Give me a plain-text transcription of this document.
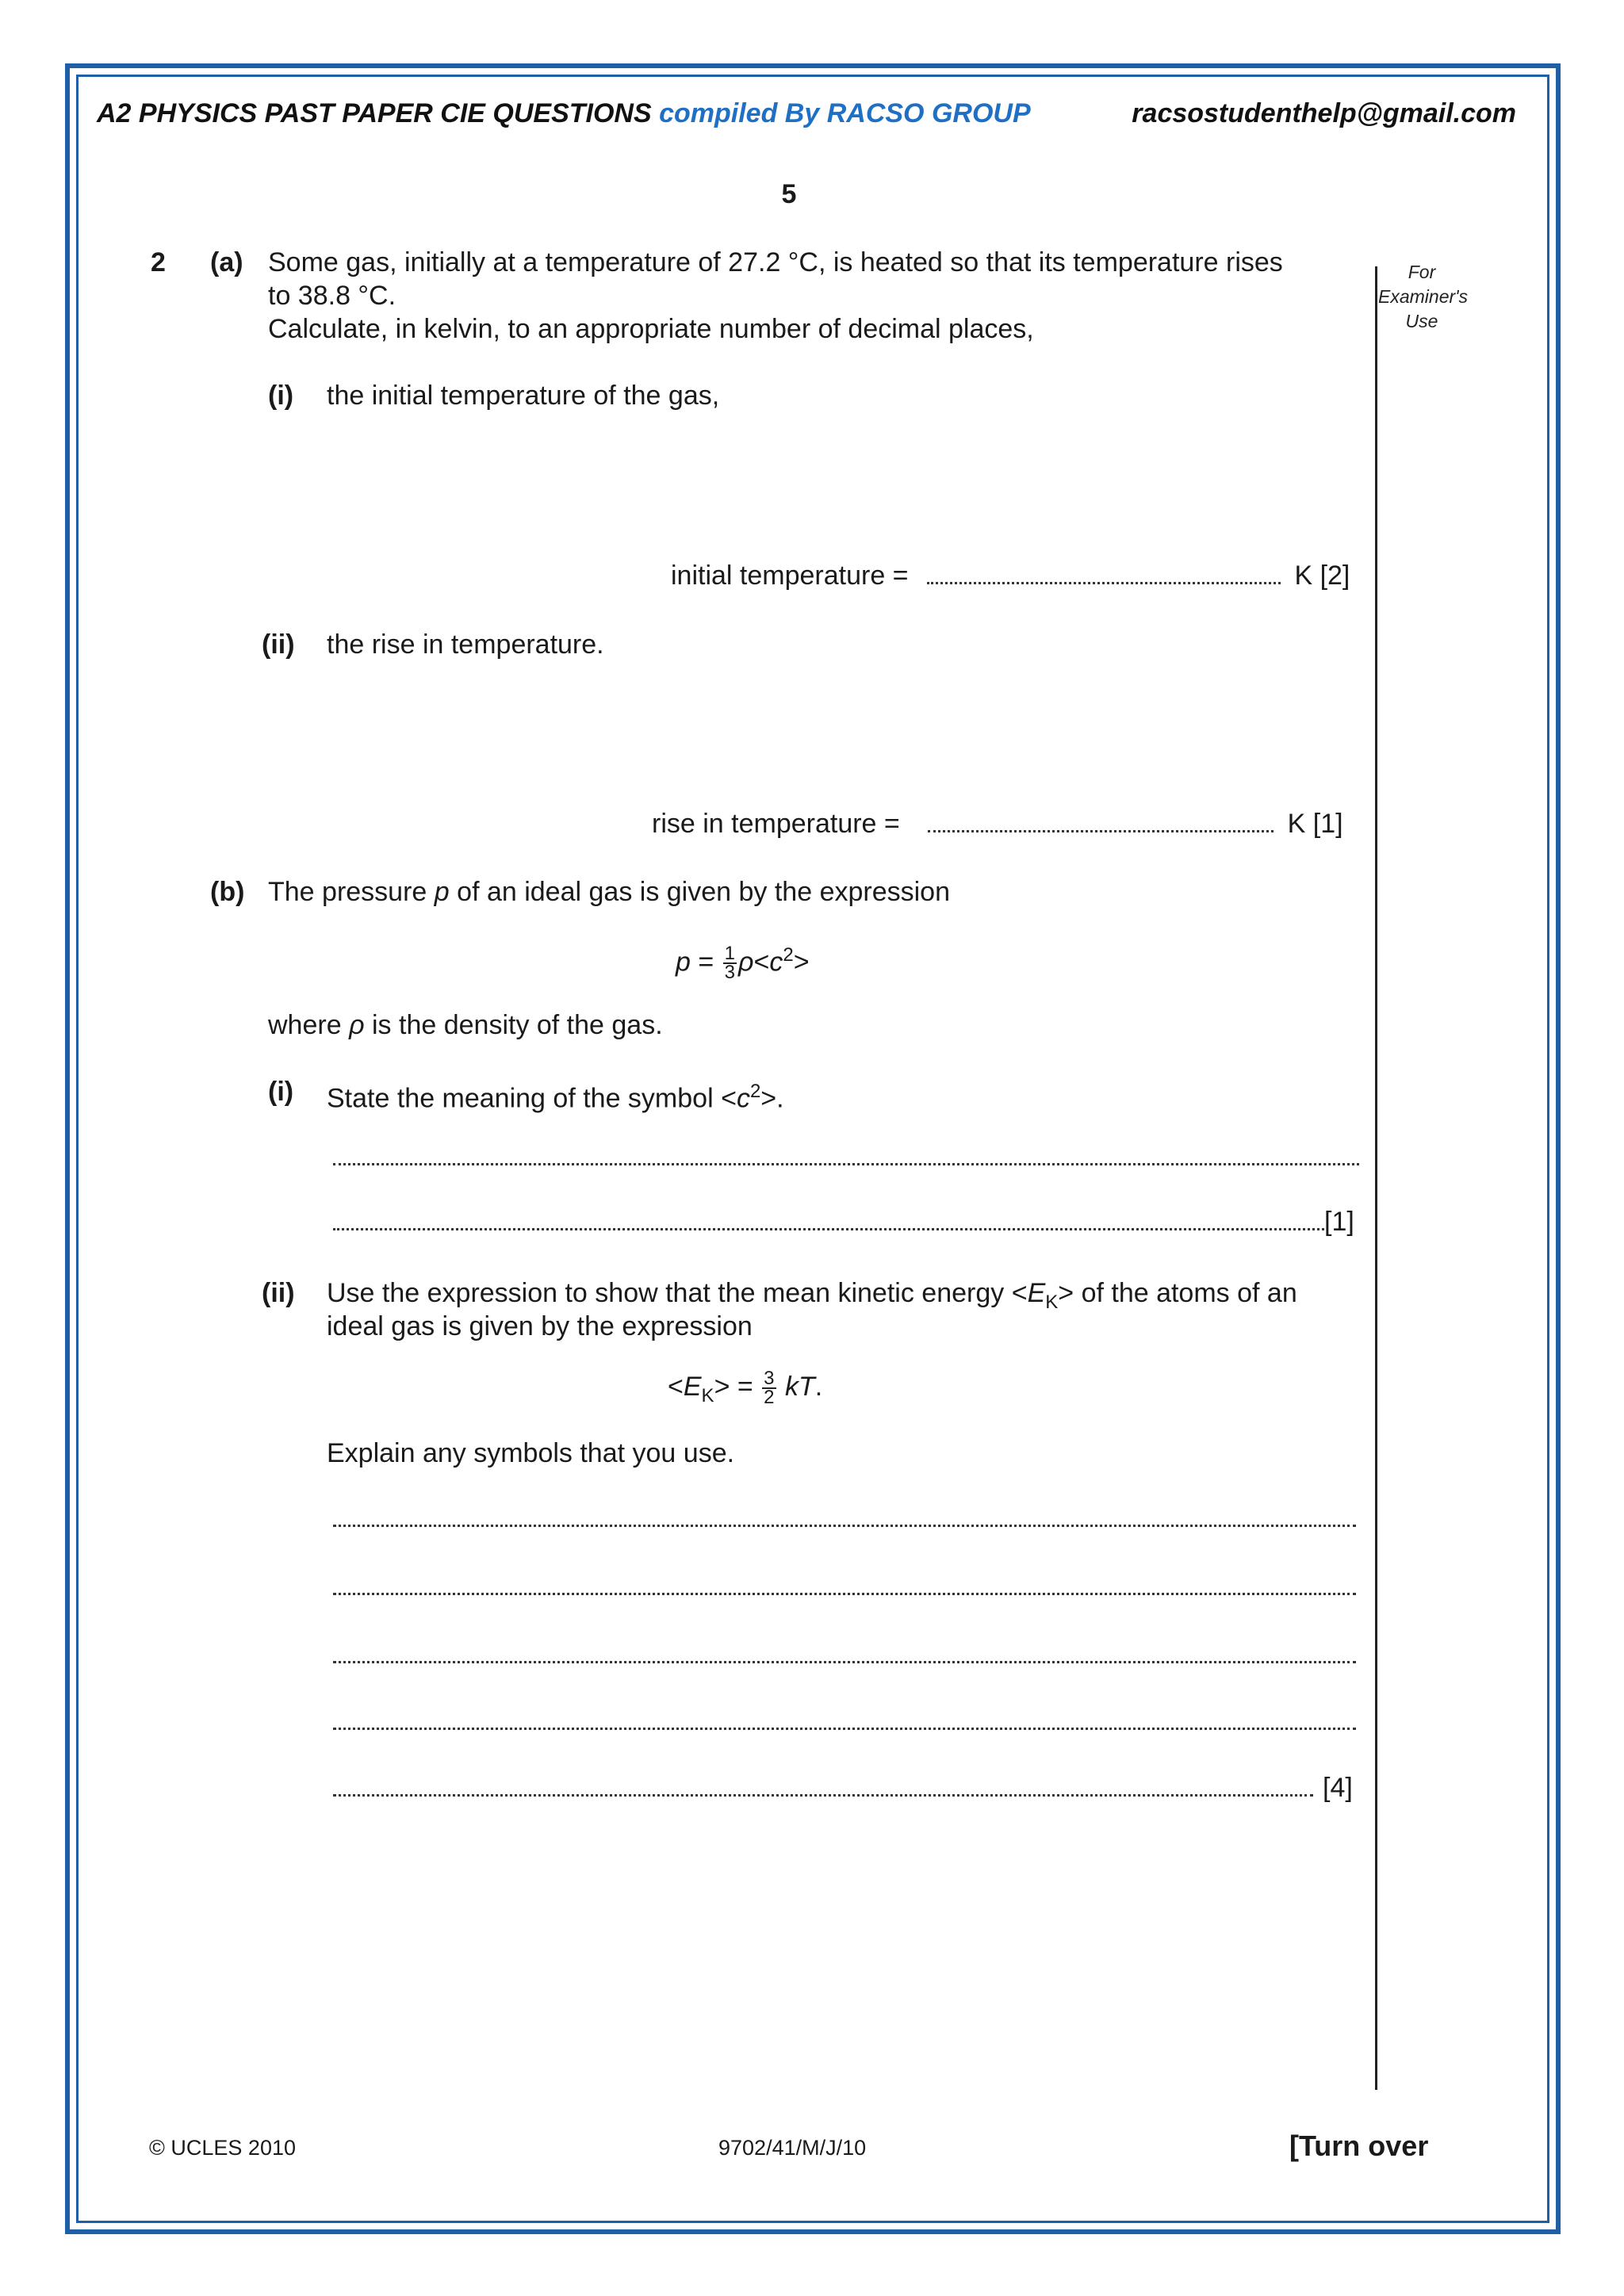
A2 PHYSICS PAST PAPER CIE QUESTIONS compiled By RACSO GROUP	racsostudenthelp@gmail.com
5
For
Examiner's
Use
2 (a) Some gas, initially at a temperature of 27.2 °C, is heated so that its temperature rises
to 38.8 °C.
Calculate, in kelvin, to an appropriate number of decimal places,
(i) the initial temperature of the gas,
initial temperature =	K [2]
(ii) the rise in temperature.
rise in temperature =	K [1]
(b) The pressure p of an ideal gas is given by the expression
$p = \frac{1}{3} \rho<c^2>$
where ρ is the density of the gas.
(i) State the meaning of the symbol $<c^2>$.
[1]
(ii) Use the expression to show that the mean kinetic energy $<E_K>$ of the atoms of an
ideal gas is given by the expression
$<E_K> = \frac{3}{2}$ kT.
Explain any symbols that you use.
[4]
© UCLES 2010	9702/41/M/J/10	[Turn over
